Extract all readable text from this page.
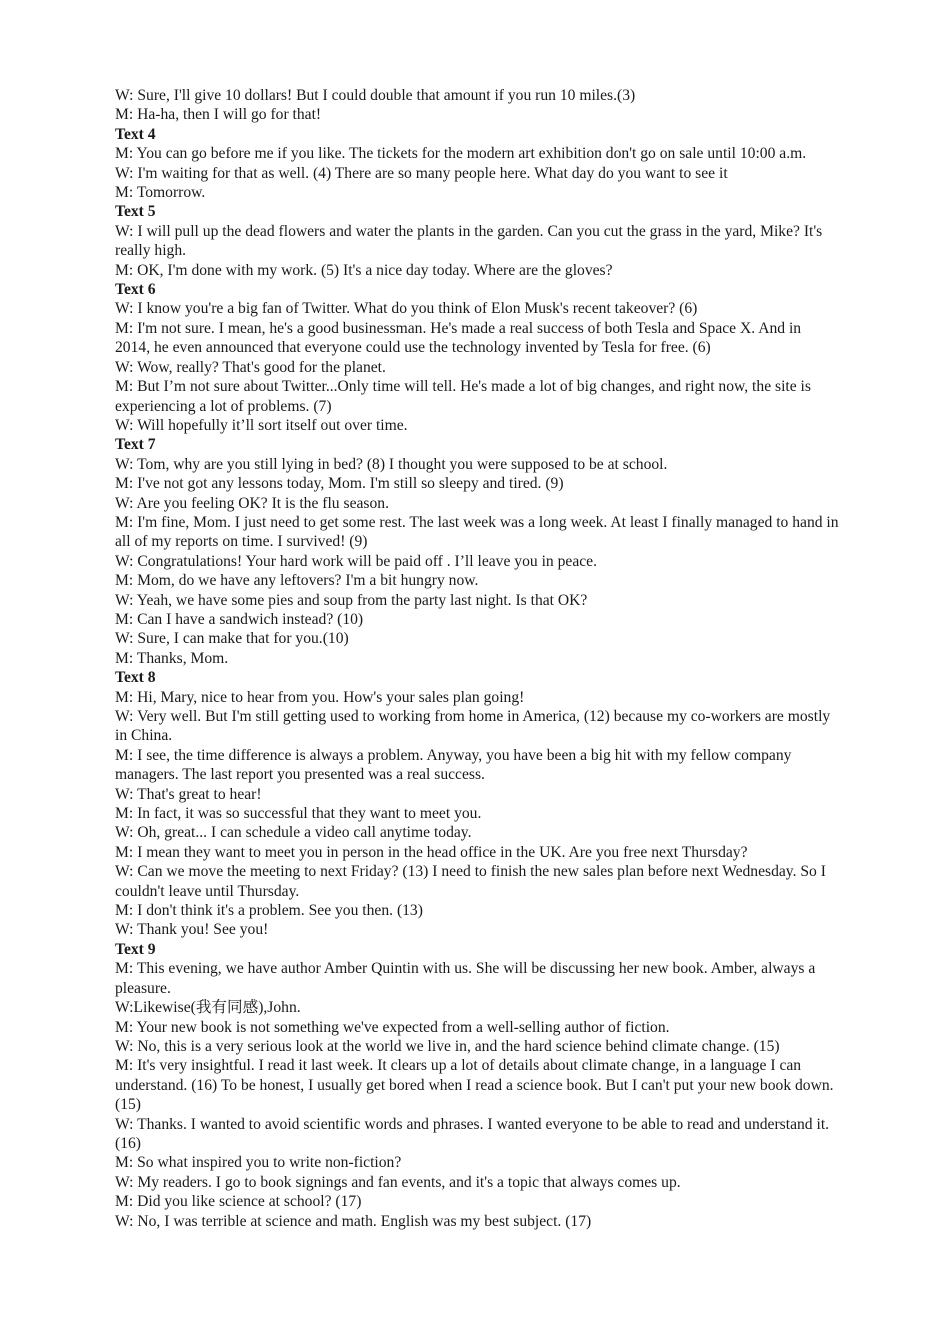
W: Sure, I'll give 10 dollars! But I could double that amount if you run 10 miles.(3)

M: Ha-ha, then I will go for that!

Text 4

M: You can go before me if you like. The tickets for the modern art exhibition don't go on sale until 10:00 a.m.

W: I'm waiting for that as well. (4) There are so many people here. What day do you want to see it

M: Tomorrow.

Text 5

W: I will pull up the dead flowers and water the plants in the garden. Can you cut the grass in the yard, Mike? It's really high.

M: OK, I'm done with my work. (5) It's a nice day today. Where are the gloves?

Text 6

W: I know you're a big fan of Twitter. What do you think of Elon Musk's recent takeover? (6)

M: I'm not sure. I mean, he's a good businessman. He's made a real success of both Tesla and Space X. And in 2014, he even announced that everyone could use the technology invented by Tesla for free. (6)

W: Wow, really? That's good for the planet.

M: But I’m not sure about Twitter...Only time will tell. He's made a lot of big changes, and right now, the site is experiencing a lot of problems. (7)

W: Will hopefully it’ll sort itself out over time.

Text 7

W: Tom, why are you still lying in bed? (8) I thought you were supposed to be at school.

M: I've not got any lessons today, Mom. I'm still so sleepy and tired. (9)

W: Are you feeling OK? It is the flu season.

M: I'm fine, Mom. I just need to get some rest. The last week was a long week. At least I finally managed to hand in all of my reports on time. I survived! (9)

W: Congratulations! Your hard work will be paid off . I’ll leave you in peace.

M: Mom, do we have any leftovers? I'm a bit hungry now.

W: Yeah, we have some pies and soup from the party last night. Is that OK?

M: Can I have a sandwich instead? (10)

W: Sure, I can make that for you.(10)

M: Thanks, Mom.

Text 8

M: Hi, Mary, nice to hear from you. How's your sales plan going!

W: Very well. But I'm still getting used to working from home in America, (12) because my co-workers are mostly in China.

M: I see, the time difference is always a problem. Anyway, you have been a big hit with my fellow company managers. The last report you presented was a real success.

W: That's great to hear!

M: In fact, it was so successful that they want to meet you.

W: Oh, great... I can schedule a video call anytime today.

M: I mean they want to meet you in person in the head office in the UK. Are you free next Thursday?

W: Can we move the meeting to next Friday? (13) I need to finish the new sales plan before next Wednesday. So I couldn't leave until Thursday.

M: I don't think it's a problem. See you then. (13)

W: Thank you! See you!

Text 9

M: This evening, we have author Amber Quintin with us. She will be discussing her new book. Amber, always a pleasure.

W:Likewise(我有同感),John.

M: Your new book is not something we've expected from a well-selling author of fiction.

W: No, this is a very serious look at the world we live in, and the hard science behind climate change. (15)

M: It's very insightful. I read it last week. It clears up a lot of details about climate change, in a language I can understand. (16) To be honest, I usually get bored when I read a science book. But I can't put your new book down. (15)

W: Thanks. I wanted to avoid scientific words and phrases. I wanted everyone to be able to read and understand it. (16)

M: So what inspired you to write non-fiction?

W: My readers. I go to book signings and fan events, and it's a topic that always comes up.

M: Did you like science at school? (17)

W: No, I was terrible at science and math. English was my best subject. (17)
